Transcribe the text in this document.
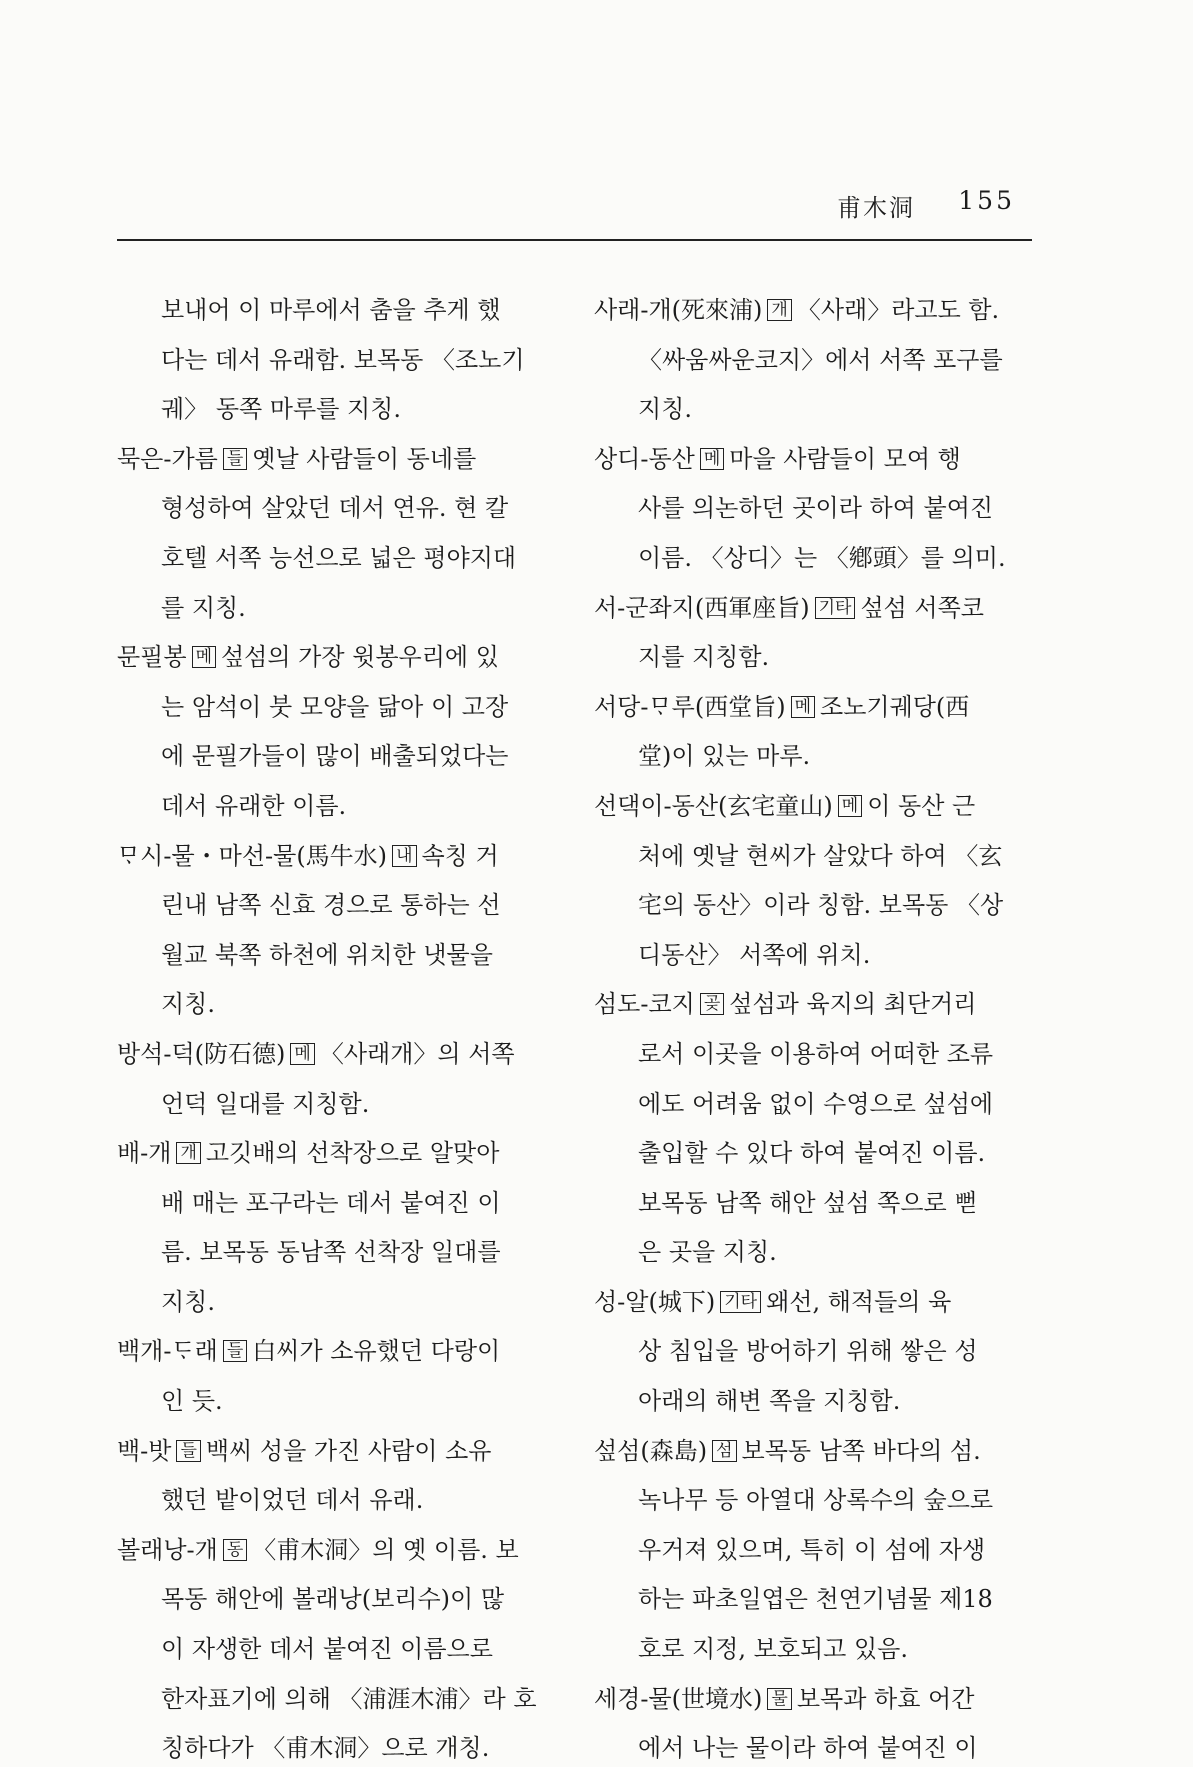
甫木洞 155
보내어 이 마루에서 춤을 추게 했
다는 데서 유래함. 보목동 〈조노기
궤〉 동쪽 마루를 지칭.
묵은-가름 들 옛날 사람들이 동네를
형성하여 살았던 데서 연유. 현 칼
호텔 서쪽 능선으로 넓은 평야지대
를 지칭.
문필봉 메 섶섬의 가장 윗봉우리에 있
는 암석이 붓 모양을 닮아 이 고장
에 문필가들이 많이 배출되었다는
데서 유래한 이름.
ᄆᆞ시-물・마선-물(馬牛水) 내 속칭 거
린내 남쪽 신효 경으로 통하는 선
월교 북쪽 하천에 위치한 냇물을
지칭.
방석-덕(防石德) 메 〈사래개〉의 서쪽
언덕 일대를 지칭함.
배-개 개 고깃배의 선착장으로 알맞아
배 매는 포구라는 데서 붙여진 이
름. 보목동 동남쪽 선착장 일대를
지칭.
백개-ᄃᆞ래 들 白씨가 소유했던 다랑이
인 듯.
백-밧 들 백씨 성을 가진 사람이 소유
했던 밭이었던 데서 유래.
볼래낭-개 동 〈甫木洞〉의 옛 이름. 보
목동 해안에 볼래낭(보리수)이 많
이 자생한 데서 붙여진 이름으로
한자표기에 의해 〈浦涯木浦〉라 호
칭하다가 〈甫木洞〉으로 개칭.
사래-개(死來浦) 개 〈사래〉라고도 함.
〈싸움싸운코지〉에서 서쪽 포구를
지칭.
상디-동산 메 마을 사람들이 모여 행
사를 의논하던 곳이라 하여 붙여진
이름. 〈상디〉는 〈鄕頭〉를 의미.
서-군좌지(西軍座旨) 기타 섶섬 서쪽코
지를 지칭함.
서당-ᄆᆞ루(西堂旨) 메 조노기궤당(西
堂)이 있는 마루.
선댁이-동산(玄宅童山) 메 이 동산 근
처에 옛날 현씨가 살았다 하여 〈玄
宅의 동산〉이라 칭함. 보목동 〈상
디동산〉 서쪽에 위치.
섬도-코지 곶 섶섬과 육지의 최단거리
로서 이곳을 이용하여 어떠한 조류
에도 어려움 없이 수영으로 섶섬에
출입할 수 있다 하여 붙여진 이름.
보목동 남쪽 해안 섶섬 쪽으로 뻗
은 곳을 지칭.
성-알(城下) 기타 왜선, 해적들의 육
상 침입을 방어하기 위해 쌓은 성
아래의 해변 쪽을 지칭함.
섶섬(森島) 섬 보목동 남쪽 바다의 섬.
녹나무 등 아열대 상록수의 숲으로
우거져 있으며, 특히 이 섬에 자생
하는 파초일엽은 천연기념물 제18
호로 지정, 보호되고 있음.
세경-물(世境水) 물 보목과 하효 어간
에서 나는 물이라 하여 붙여진 이
